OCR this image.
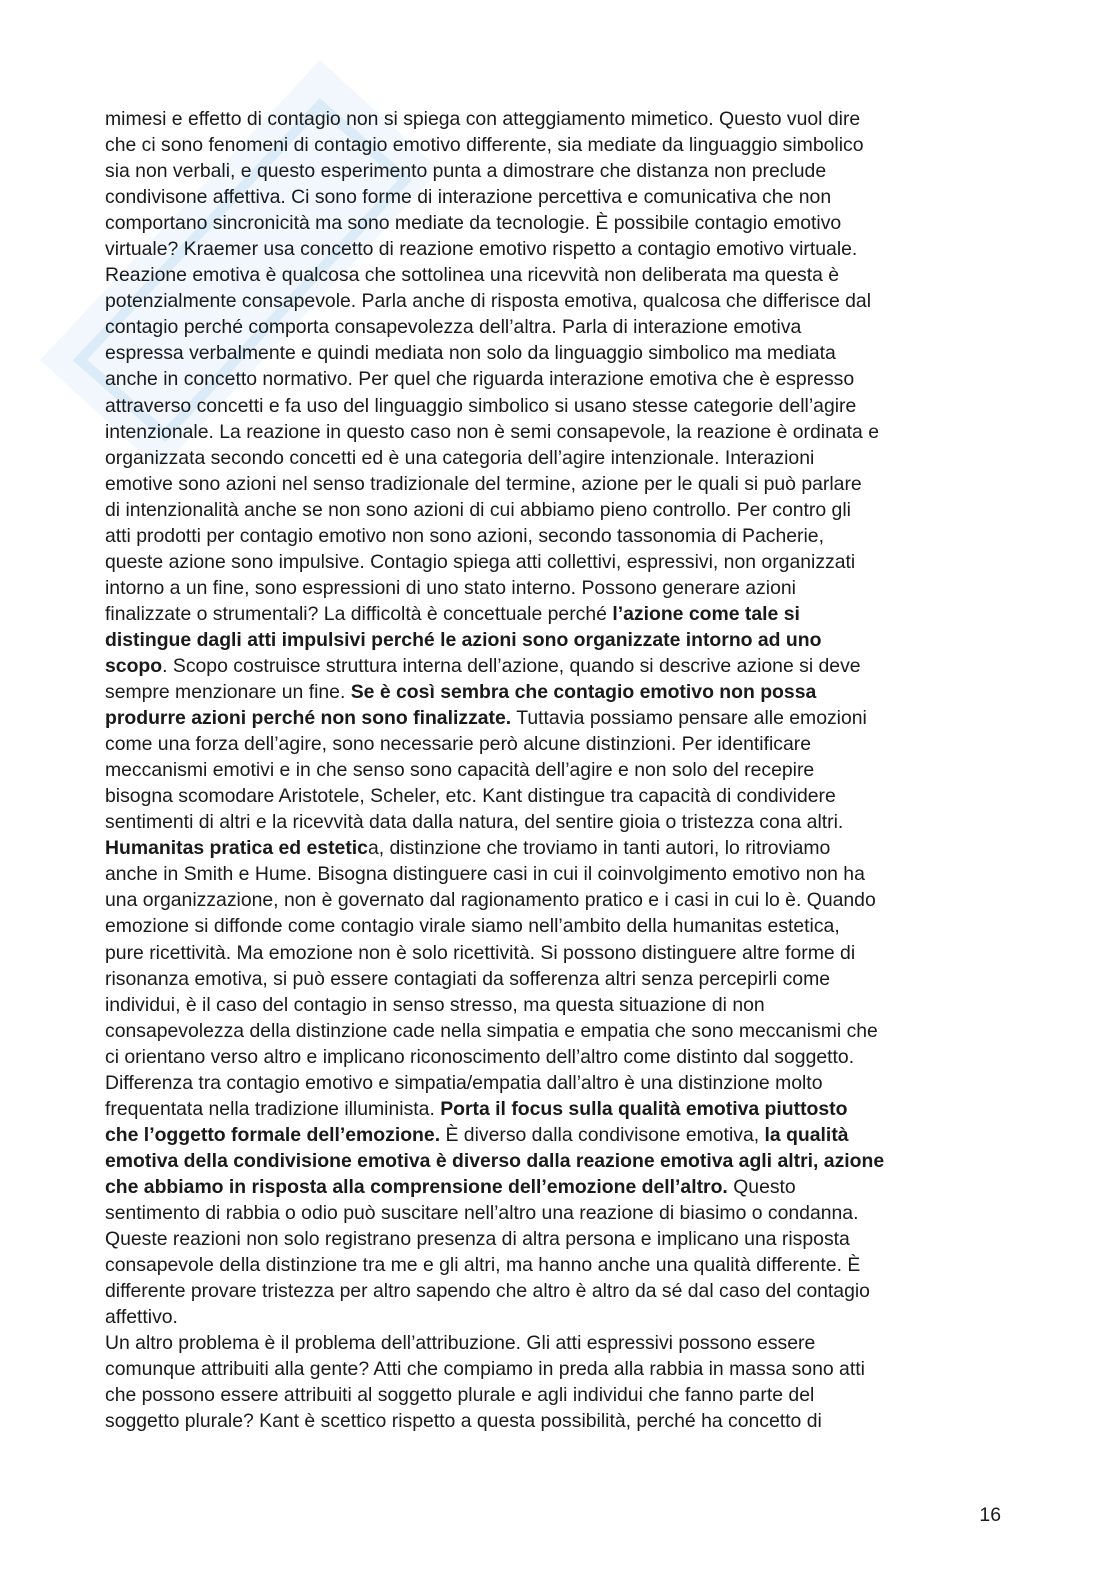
mimesi e effetto di contagio non si spiega con atteggiamento mimetico. Questo vuol dire
che ci sono fenomeni di contagio emotivo differente, sia mediate da linguaggio simbolico
sia non verbali, e questo esperimento punta a dimostrare che distanza non preclude
condivisone affettiva. Ci sono forme di interazione percettiva e comunicativa che non
comportano sincronicità ma sono mediate da tecnologie. È possibile contagio emotivo
virtuale? Kraemer usa concetto di reazione emotivo rispetto a contagio emotivo virtuale.
Reazione emotiva è qualcosa che sottolinea una ricevvità non deliberata ma questa è
potenzialmente consapevole. Parla anche di risposta emotiva, qualcosa che differisce dal
contagio perché comporta consapevolezza dell’altra. Parla di interazione emotiva
espressa verbalmente e quindi mediata non solo da linguaggio simbolico ma mediata
anche in concetto normativo. Per quel che riguarda interazione emotiva che è espresso
attraverso concetti e fa uso del linguaggio simbolico si usano stesse categorie dell’agire
intenzionale. La reazione in questo caso non è semi consapevole, la reazione è ordinata e
organizzata secondo concetti ed è una categoria dell’agire intenzionale. Interazioni
emotive sono azioni nel senso tradizionale del termine, azione per le quali si può parlare
di intenzionalità anche se non sono azioni di cui abbiamo pieno controllo. Per contro gli
atti prodotti per contagio emotivo non sono azioni, secondo tassonomia di Pacherie,
queste azione sono impulsive. Contagio spiega atti collettivi, espressivi, non organizzati
intorno a un fine, sono espressioni di uno stato interno. Possono generare azioni
finalizzate o strumentali? La difficoltà è concettuale perché l’azione come tale si
distingue dagli atti impulsivi perché le azioni sono organizzate intorno ad uno
scopo. Scopo costruisce struttura interna dell’azione, quando si descrive azione si deve
sempre menzionare un fine. Se è così sembra che contagio emotivo non possa
produrre azioni perché non sono finalizzate. Tuttavia possiamo pensare alle emozioni
come una forza dell’agire, sono necessarie però alcune distinzioni. Per identificare
meccanismi emotivi e in che senso sono capacità dell’agire e non solo del recepire
bisogna scomodare Aristotele, Scheler, etc. Kant distingue tra capacità di condividere
sentimenti di altri e la ricevvità data dalla natura, del sentire gioia o tristezza cona altri.
Humanitas pratica ed estetica, distinzione che troviamo in tanti autori, lo ritroviamo
anche in Smith e Hume. Bisogna distinguere casi in cui il coinvolgimento emotivo non ha
una organizzazione, non è governato dal ragionamento pratico e i casi in cui lo è. Quando
emozione si diffonde come contagio virale siamo nell’ambito della humanitas estetica,
pure ricettività. Ma emozione non è solo ricettività. Si possono distinguere altre forme di
risonanza emotiva, si può essere contagiati da sofferenza altri senza percepirli come
individui, è il caso del contagio in senso stresso, ma questa situazione di non
consapevolezza della distinzione cade nella simpatia e empatia che sono meccanismi che
ci orientano verso altro e implicano riconoscimento dell’altro come distinto dal soggetto.
Differenza tra contagio emotivo e simpatia/empatia dall’altro è una distinzione molto
frequentata nella tradizione illuminista. Porta il focus sulla qualità emotiva piuttosto
che l’oggetto formale dell’emozione. È diverso dalla condivisone emotiva, la qualità
emotiva della condivisione emotiva è diverso dalla reazione emotiva agli altri, azione
che abbiamo in risposta alla comprensione dell’emozione dell’altro. Questo
sentimento di rabbia o odio può suscitare nell’altro una reazione di biasimo o condanna.
Queste reazioni non solo registrano presenza di altra persona e implicano una risposta
consapevole della distinzione tra me e gli altri, ma hanno anche una qualità differente. È
differente provare tristezza per altro sapendo che altro è altro da sé dal caso del contagio
affettivo.
Un altro problema è il problema dell’attribuzione. Gli atti espressivi possono essere
comunque attribuiti alla gente? Atti che compiamo in preda alla rabbia in massa sono atti
che possono essere attribuiti al soggetto plurale e agli individui che fanno parte del
soggetto plurale? Kant è scettico rispetto a questa possibilità, perché ha concetto di
16
